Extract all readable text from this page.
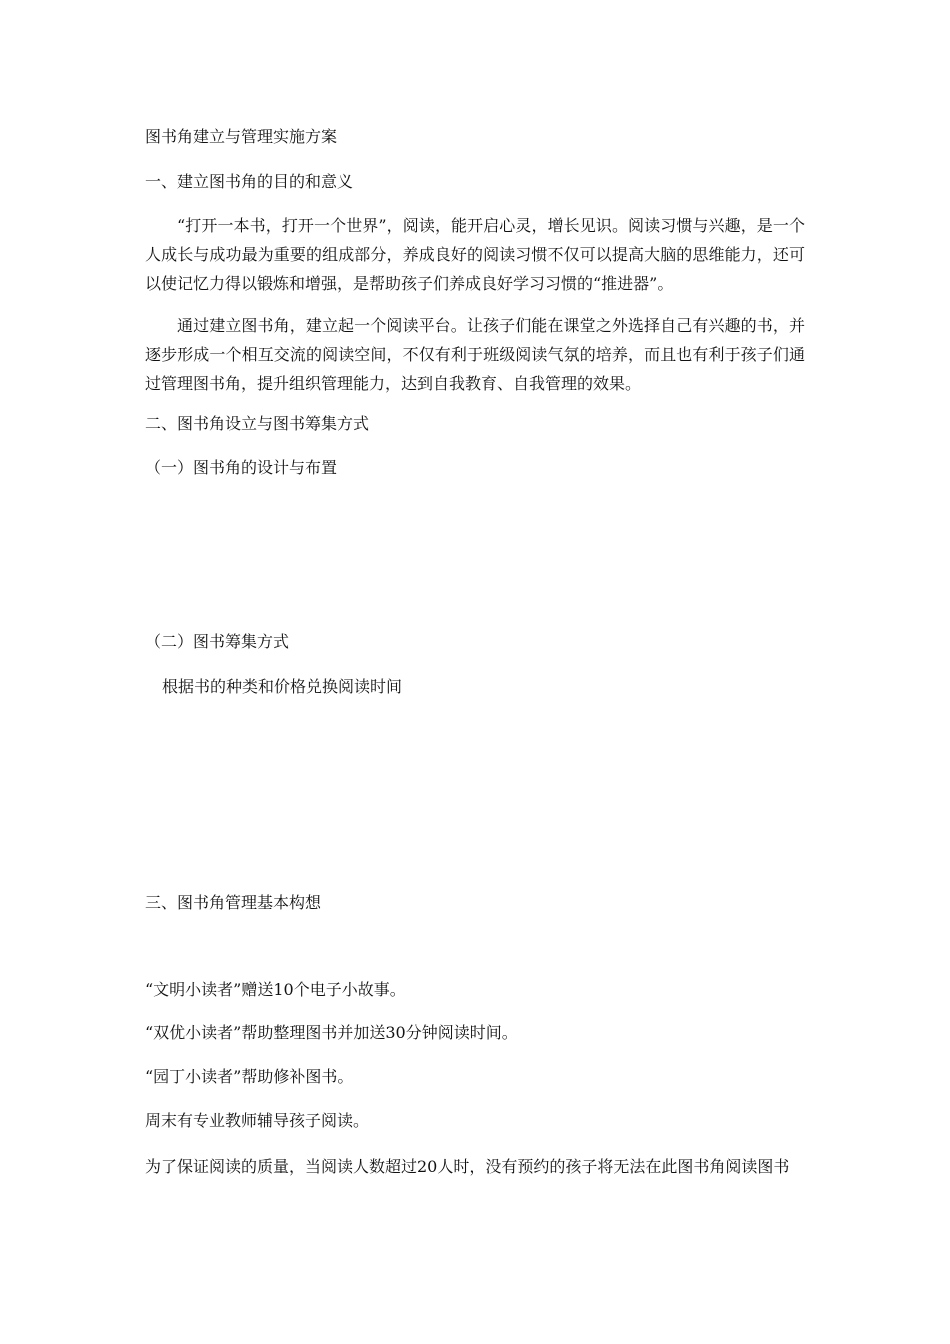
图书角建立与管理实施方案
一、建立图书角的目的和意义
“打开一本书，打开一个世界”，阅读，能开启心灵，增长见识。阅读习惯与兴趣，是一个人成长与成功最为重要的组成部分，养成良好的阅读习惯不仅可以提高大脑的思维能力，还可以使记忆力得以锻炼和增强，是帮助孩子们养成良好学习习惯的“推进器”。
通过建立图书角，建立起一个阅读平台。让孩子们能在课堂之外选择自己有兴趣的书，并逐步形成一个相互交流的阅读空间，不仅有利于班级阅读气氛的培养，而且也有利于孩子们通过管理图书角，提升组织管理能力，达到自我教育、自我管理的效果。
二、图书角设立与图书筹集方式
（一）图书角的设计与布置
（二）图书筹集方式
根据书的种类和价格兑换阅读时间
三、图书角管理基本构想
“文明小读者”赠送10个电子小故事。
“双优小读者”帮助整理图书并加送30分钟阅读时间。
“园丁小读者”帮助修补图书。
周末有专业教师辅导孩子阅读。
为了保证阅读的质量，当阅读人数超过20人时，没有预约的孩子将无法在此图书角阅读图书
